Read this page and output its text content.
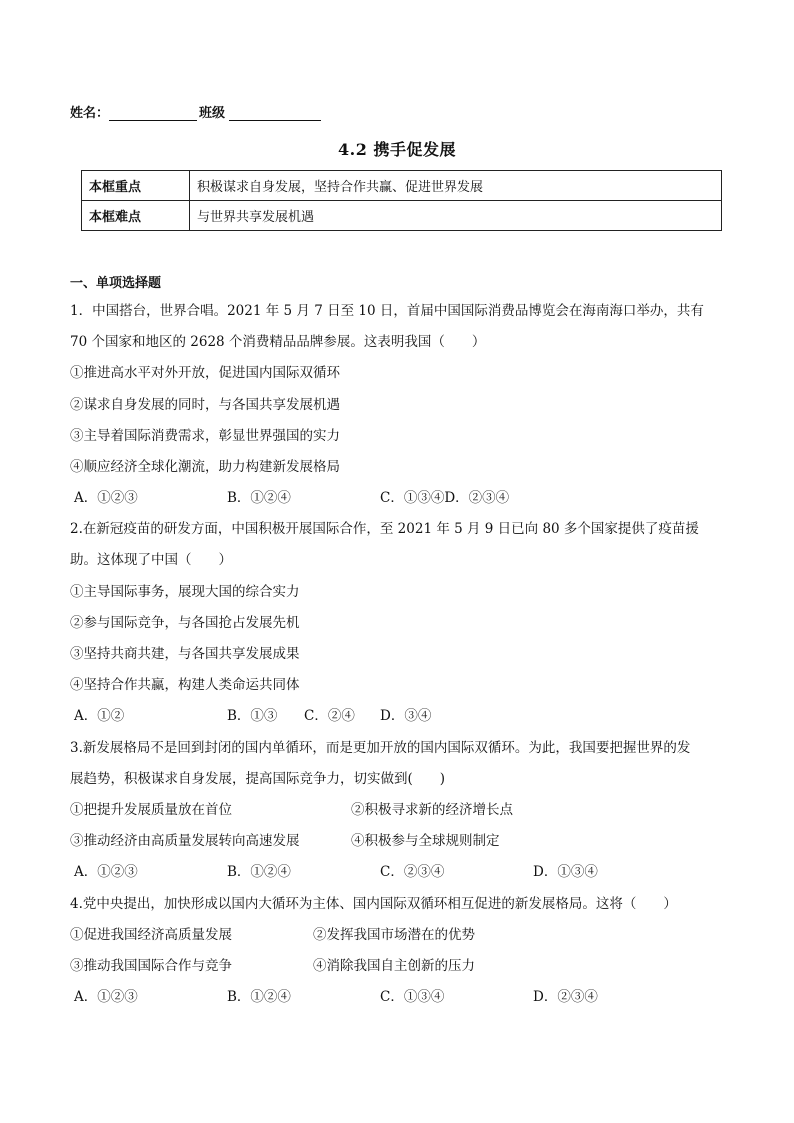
姓名：	班级
4.2 携手促发展
本框重点	积极谋求自身发展，坚持合作共赢、促进世界发展
本框难点	与世界共享发展机遇
一、单项选择题
1．中国搭台，世界合唱。2021 年 5 月 7 日至 10 日，首届中国国际消费品博览会在海南海口举办，共有
70 个国家和地区的 2628 个消费精品品牌参展。这表明我国（　　）
①推进高水平对外开放，促进国内国际双循环
②谋求自身发展的同时，与各国共享发展机遇
③主导着国际消费需求，彰显世界强国的实力
④顺应经济全球化潮流，助力构建新发展格局
A．①②③	B．①②④	C．①③④D．②③④
2.在新冠疫苗的研发方面，中国积极开展国际合作，至 2021 年 5 月 9 日已向 80 多个国家提供了疫苗援
助。这体现了中国（　　）
①主导国际事务，展现大国的综合实力
②参与国际竞争，与各国抢占发展先机
③坚持共商共建，与各国共享发展成果
④坚持合作共赢，构建人类命运共同体
A．①②	B．①③ C．②④ D．③④
3.新发展格局不是回到封闭的国内单循环，而是更加开放的国内国际双循环。为此，我国要把握世界的发
展趋势，积极谋求自身发展，提高国际竞争力，切实做到(　　)
①把提升发展质量放在首位	②积极寻求新的经济增长点
③推动经济由高质量发展转向高速发展	④积极参与全球规则制定
A．①②③	B．①②④	C．②③④	D．①③④
4.党中央提出，加快形成以国内大循环为主体、国内国际双循环相互促进的新发展格局。这将（　　）
①促进我国经济高质量发展	②发挥我国市场潜在的优势
③推动我国国际合作与竞争	④消除我国自主创新的压力
A．①②③	B．①②④	C．①③④	D．②③④
